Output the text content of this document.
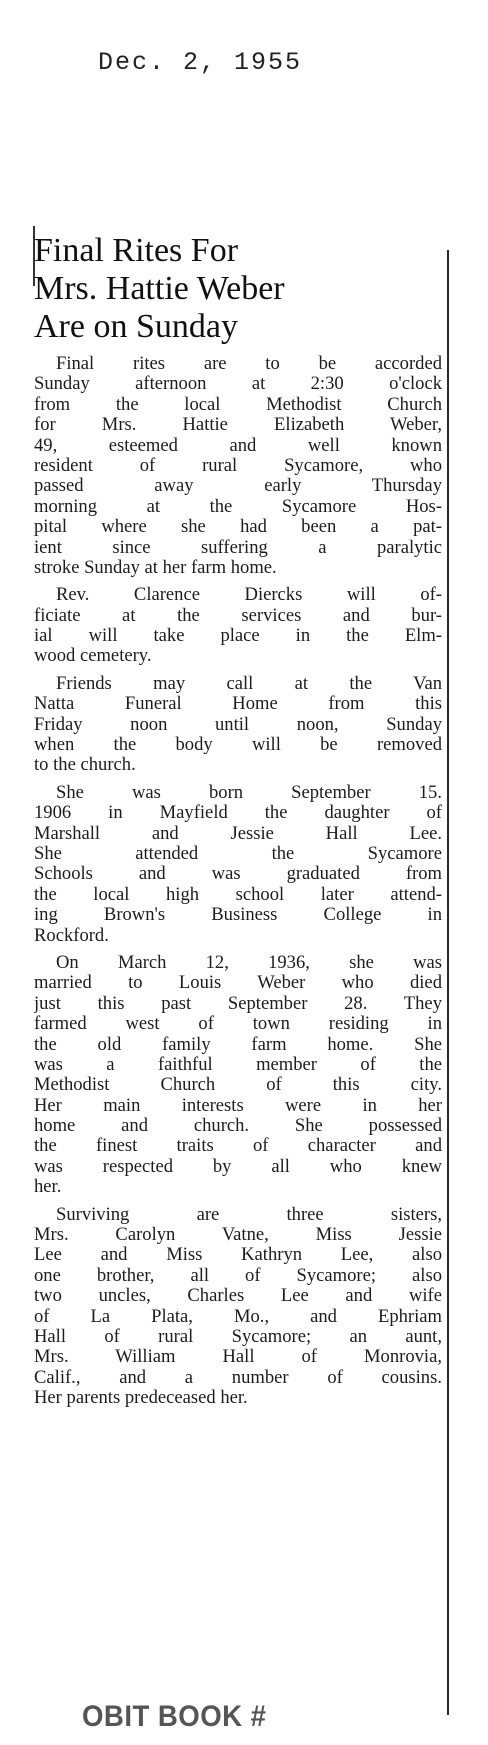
Dec. 2, 1955
Final Rites For
Mrs. Hattie Weber
Are on Sunday
Final rites are to be accorded
Sunday afternoon at 2:30 o'clock
from the local Methodist Church
for Mrs. Hattie Elizabeth Weber,
49, esteemed and well known
resident of rural Sycamore, who
passed away early Thursday
morning at the Sycamore Hos-
pital where she had been a pat-
ient since suffering a paralytic
stroke Sunday at her farm home.
Rev. Clarence Diercks will of-
ficiate at the services and bur-
ial will take place in the Elm-
wood cemetery.
Friends may call at the Van
Natta Funeral Home from this
Friday noon until noon, Sunday
when the body will be removed
to the church.
She was born September 15.
1906 in Mayfield the daughter of
Marshall and Jessie Hall Lee.
She attended the Sycamore
Schools and was graduated from
the local high school later attend-
ing Brown's Business College in
Rockford.
On March 12, 1936, she was
married to Louis Weber who died
just this past September 28. They
farmed west of town residing in
the old family farm home. She
was a faithful member of the
Methodist Church of this city.
Her main interests were in her
home and church. She possessed
the finest traits of character and
was respected by all who knew
her.
Surviving are three sisters,
Mrs. Carolyn Vatne, Miss Jessie
Lee and Miss Kathryn Lee, also
one brother, all of Sycamore; also
two uncles, Charles Lee and wife
of La Plata, Mo., and Ephriam
Hall of rural Sycamore; an aunt,
Mrs. William Hall of Monrovia,
Calif., and a number of cousins.
Her parents predeceased her.
OBIT BOOK #
